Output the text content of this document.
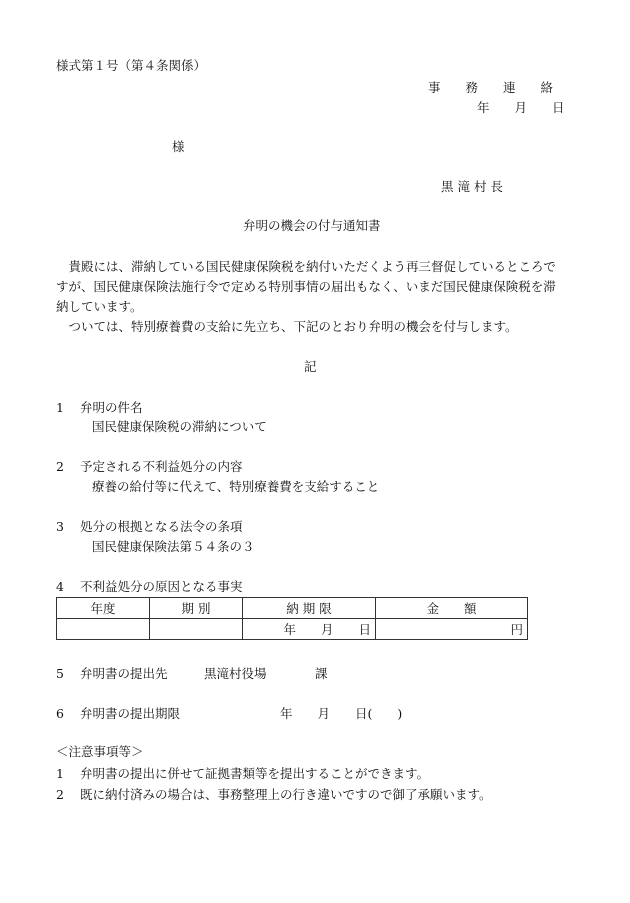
様式第１号（第４条関係）
事　　務　　連　　絡
年　　月　　日
様
黒 滝 村 長
弁明の機会の付与通知書
　貴殿には、滞納している国民健康保険税を納付いただくよう再三督促しているところですが、国民健康保険法施行令で定める特別事情の届出もなく、いまだ国民健康保険税を滞納しています。
　ついては、特別療養費の支給に先立ち、下記のとおり弁明の機会を付与します。
記
1 弁明の件名
国民健康保険税の滞納について
2 予定される不利益処分の内容
療養の給付等に代えて、特別療養費を支給すること
3 処分の根拠となる法令の条項
国民健康保険法第５４条の３
4 不利益処分の原因となる事実
年度	期 別	納 期 限	金　　額
		年　　月　　日	円
5 弁明書の提出先	黒滝村役場	課
6 弁明書の提出期限	年　　月　　日(　　)
＜注意事項等＞
1 弁明書の提出に併せて証拠書類等を提出することができます。
2 既に納付済みの場合は、事務整理上の行き違いですので御了承願います。
